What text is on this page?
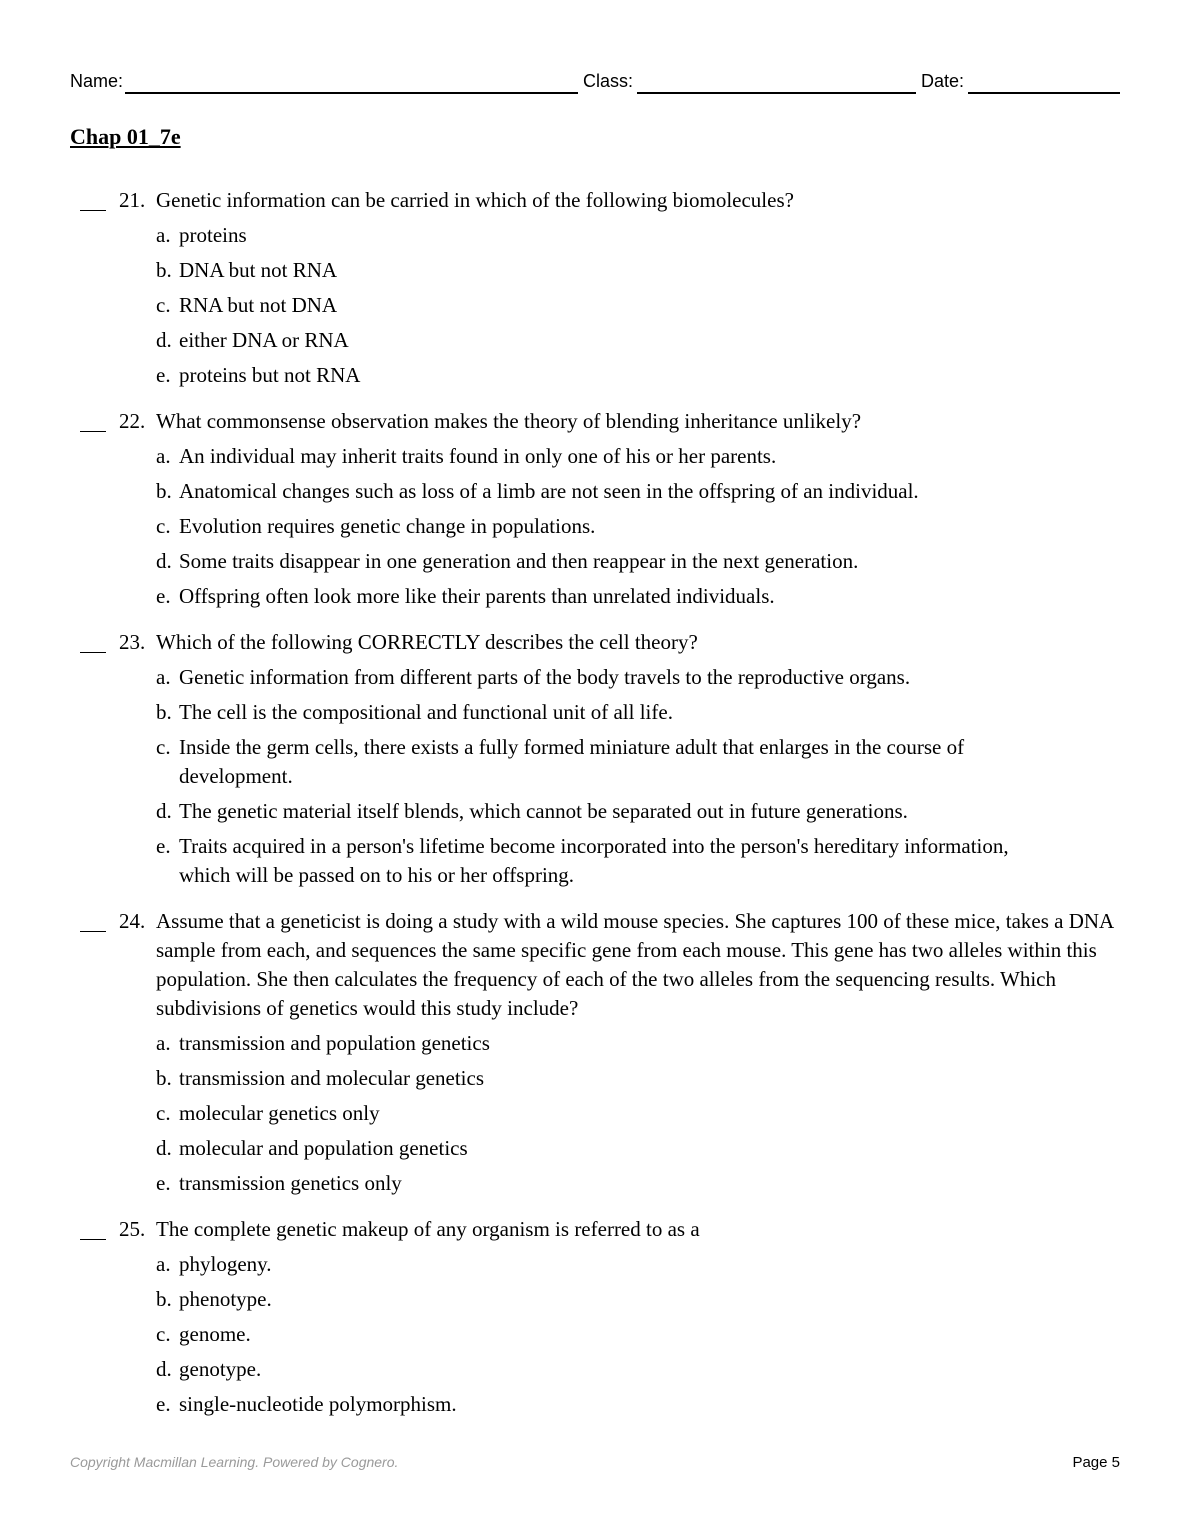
Name:	Class:	Date:
Chap 01_7e
21. Genetic information can be carried in which of the following biomolecules?
a. proteins
b. DNA but not RNA
c. RNA but not DNA
d. either DNA or RNA
e. proteins but not RNA
22. What commonsense observation makes the theory of blending inheritance unlikely?
a. An individual may inherit traits found in only one of his or her parents.
b. Anatomical changes such as loss of a limb are not seen in the offspring of an individual.
c. Evolution requires genetic change in populations.
d. Some traits disappear in one generation and then reappear in the next generation.
e. Offspring often look more like their parents than unrelated individuals.
23. Which of the following CORRECTLY describes the cell theory?
a. Genetic information from different parts of the body travels to the reproductive organs.
b. The cell is the compositional and functional unit of all life.
c. Inside the germ cells, there exists a fully formed miniature adult that enlarges in the course of development.
d. The genetic material itself blends, which cannot be separated out in future generations.
e. Traits acquired in a person's lifetime become incorporated into the person's hereditary information, which will be passed on to his or her offspring.
24. Assume that a geneticist is doing a study with a wild mouse species. She captures 100 of these mice, takes a DNA sample from each, and sequences the same specific gene from each mouse. This gene has two alleles within this population. She then calculates the frequency of each of the two alleles from the sequencing results. Which subdivisions of genetics would this study include?
a. transmission and population genetics
b. transmission and molecular genetics
c. molecular genetics only
d. molecular and population genetics
e. transmission genetics only
25. The complete genetic makeup of any organism is referred to as a
a. phylogeny.
b. phenotype.
c. genome.
d. genotype.
e. single-nucleotide polymorphism.
Copyright Macmillan Learning. Powered by Cognero.	Page 5
